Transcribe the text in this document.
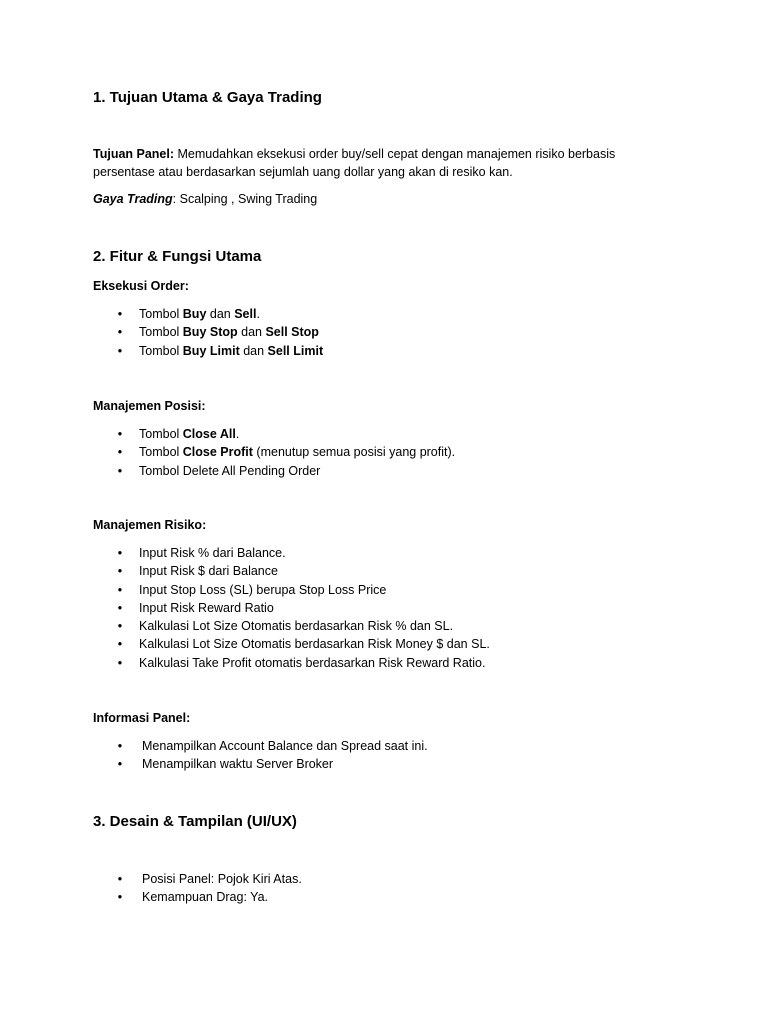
1. Tujuan Utama & Gaya Trading

Tujuan Panel: Memudahkan eksekusi order buy/sell cepat dengan manajemen risiko berbasis

persentase atau berdasarkan sejumlah uang dollar yang akan di resiko kan.

Gaya Trading: Scalping , Swing Trading

2. Fitur & Fungsi Utama

Eksekusi Order:

• Tombol Buy dan Sell.
• Tombol Buy Stop dan Sell Stop
• Tombol Buy Limit dan Sell Limit

Manajemen Posisi:

• Tombol Close All.
• Tombol Close Profit (menutup semua posisi yang profit).
• Tombol Delete All Pending Order

Manajemen Risiko:

• Input Risk % dari Balance.
• Input Risk $ dari Balance
• Input Stop Loss (SL) berupa Stop Loss Price
• Input Risk Reward Ratio
• Kalkulasi Lot Size Otomatis berdasarkan Risk % dan SL.
• Kalkulasi Lot Size Otomatis berdasarkan Risk Money $ dan SL.
• Kalkulasi Take Profit otomatis berdasarkan Risk Reward Ratio.

Informasi Panel:

• Menampilkan Account Balance dan Spread saat ini.
• Menampilkan waktu Server Broker
3. Desain & Tampilan (UI/UX)
• Posisi Panel: Pojok Kiri Atas.
• Kemampuan Drag: Ya.
